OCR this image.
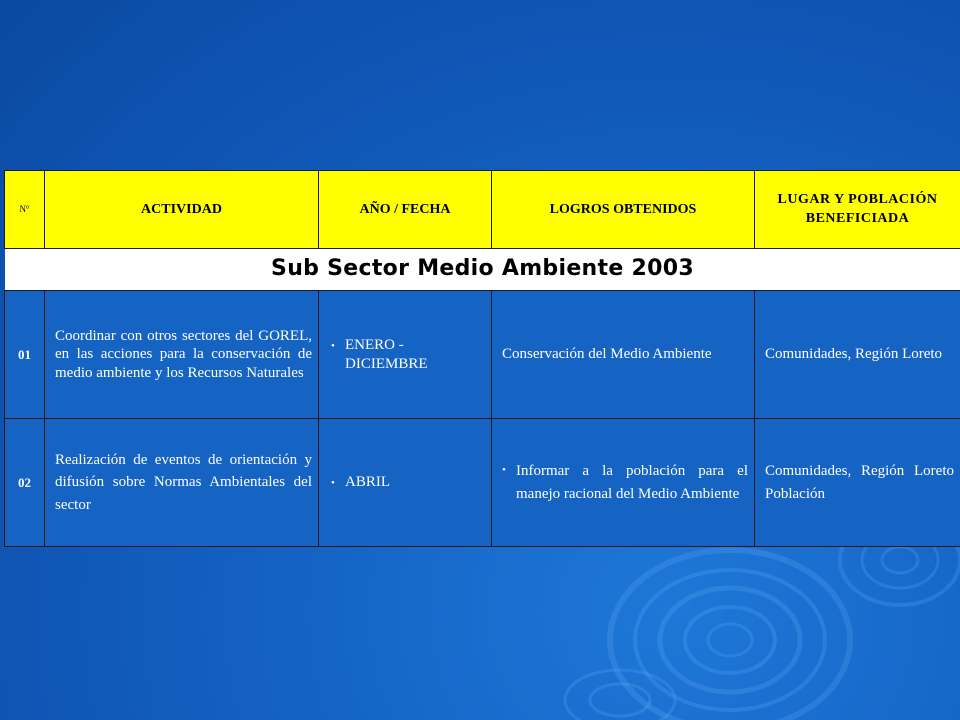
N°	ACTIVIDAD	AÑO / FECHA	LOGROS OBTENIDOS	LUGAR Y POBLACIÓN BENEFICIADA
Sub Sector Medio Ambiente 2003				
01	Coordinar con otros sectores del GOREL, en las acciones para la conservación de medio ambiente y los Recursos Naturales	• ENERO - DICIEMBRE	Conservación del Medio Ambiente	Comunidades, Región Loreto
02	Realización de eventos de orientación y difusión sobre Normas Ambientales del sector	• ABRIL	• Informar a la población para el manejo racional del Medio Ambiente	Comunidades, Región Loreto Población
